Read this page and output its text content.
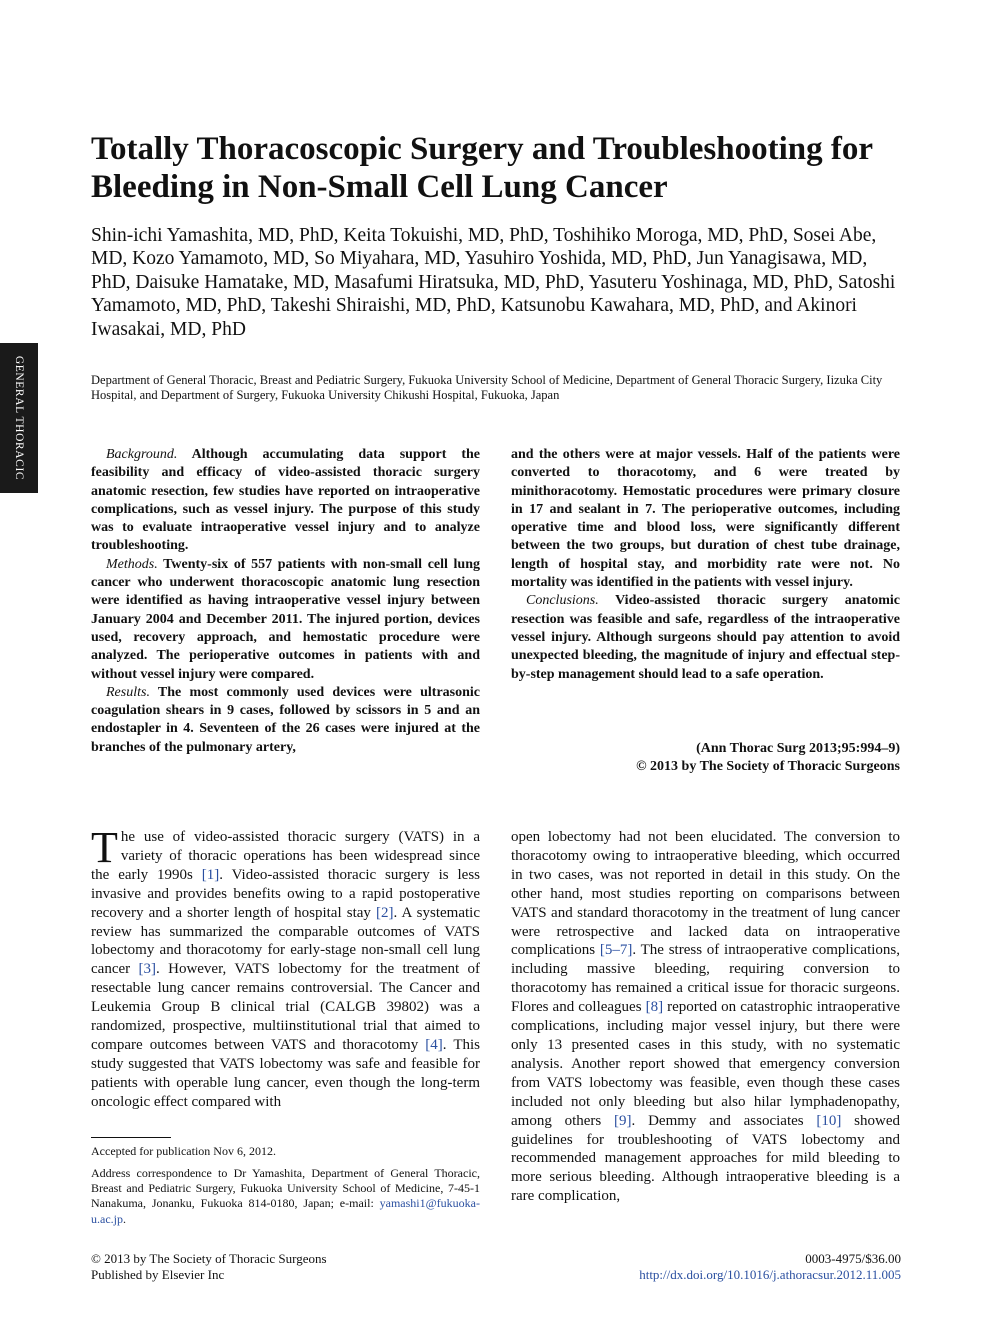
GENERAL THORACIC
Totally Thoracoscopic Surgery and Troubleshooting for Bleeding in Non-Small Cell Lung Cancer
Shin-ichi Yamashita, MD, PhD, Keita Tokuishi, MD, PhD, Toshihiko Moroga, MD, PhD, Sosei Abe, MD, Kozo Yamamoto, MD, So Miyahara, MD, Yasuhiro Yoshida, MD, PhD, Jun Yanagisawa, MD, PhD, Daisuke Hamatake, MD, Masafumi Hiratsuka, MD, PhD, Yasuteru Yoshinaga, MD, PhD, Satoshi Yamamoto, MD, PhD, Takeshi Shiraishi, MD, PhD, Katsunobu Kawahara, MD, PhD, and Akinori Iwasakai, MD, PhD
Department of General Thoracic, Breast and Pediatric Surgery, Fukuoka University School of Medicine, Department of General Thoracic Surgery, Iizuka City Hospital, and Department of Surgery, Fukuoka University Chikushi Hospital, Fukuoka, Japan

Background. Although accumulating data support the feasibility and efficacy of video-assisted thoracic surgery anatomic resection, few studies have reported on intraoperative complications, such as vessel injury. The purpose of this study was to evaluate intraoperative vessel injury and to analyze troubleshooting.

Methods. Twenty-six of 557 patients with non-small cell lung cancer who underwent thoracoscopic anatomic lung resection were identified as having intraoperative vessel injury between January 2004 and December 2011. The injured portion, devices used, recovery approach, and hemostatic procedure were analyzed. The perioperative outcomes in patients with and without vessel injury were compared.

Results. The most commonly used devices were ultrasonic coagulation shears in 9 cases, followed by scissors in 5 and an endostapler in 4. Seventeen of the 26 cases were injured at the branches of the pulmonary artery,

and the others were at major vessels. Half of the patients were converted to thoracotomy, and 6 were treated by minithoracotomy. Hemostatic procedures were primary closure in 17 and sealant in 7. The perioperative outcomes, including operative time and blood loss, were significantly different between the two groups, but duration of chest tube drainage, length of hospital stay, and morbidity rate were not. No mortality was identified in the patients with vessel injury.

Conclusions. Video-assisted thoracic surgery anatomic resection was feasible and safe, regardless of the intraoperative vessel injury. Although surgeons should pay attention to avoid unexpected bleeding, the magnitude of injury and effectual step-by-step management should lead to a safe operation.

(Ann Thorac Surg 2013;95:994–9)
© 2013 by The Society of Thoracic Surgeons

The use of video-assisted thoracic surgery (VATS) in a variety of thoracic operations has been widespread since the early 1990s [1]. Video-assisted thoracic surgery is less invasive and provides benefits owing to a rapid postoperative recovery and a shorter length of hospital stay [2]. A systematic review has summarized the comparable outcomes of VATS lobectomy and thoracotomy for early-stage non-small cell lung cancer [3]. However, VATS lobectomy for the treatment of resectable lung cancer remains controversial. The Cancer and Leukemia Group B clinical trial (CALGB 39802) was a randomized, prospective, multiinstitutional trial that aimed to compare outcomes between VATS and thoracotomy [4]. This study suggested that VATS lobectomy was safe and feasible for patients with operable lung cancer, even though the long-term oncologic effect compared with

open lobectomy had not been elucidated. The conversion to thoracotomy owing to intraoperative bleeding, which occurred in two cases, was not reported in detail in this study. On the other hand, most studies reporting on comparisons between VATS and standard thoracotomy in the treatment of lung cancer were retrospective and lacked data on intraoperative complications [5–7]. The stress of intraoperative complications, including massive bleeding, requiring conversion to thoracotomy has remained a critical issue for thoracic surgeons. Flores and colleagues [8] reported on catastrophic intraoperative complications, including major vessel injury, but there were only 13 presented cases in this study, with no systematic analysis. Another report showed that emergency conversion from VATS lobectomy was feasible, even though these cases included not only bleeding but also hilar lymphadenopathy, among others [9]. Demmy and associates [10] showed guidelines for troubleshooting of VATS lobectomy and recommended management approaches for mild bleeding to more serious bleeding. Although intraoperative bleeding is a rare complication,

Accepted for publication Nov 6, 2012.
Address correspondence to Dr Yamashita, Department of General Thoracic, Breast and Pediatric Surgery, Fukuoka University School of Medicine, 7-45-1 Nanakuma, Jonanku, Fukuoka 814-0180, Japan; e-mail: yamashi1@fukuoka-u.ac.jp.
© 2013 by The Society of Thoracic Surgeons
Published by Elsevier Inc
0003-4975/$36.00
http://dx.doi.org/10.1016/j.athoracsur.2012.11.005
